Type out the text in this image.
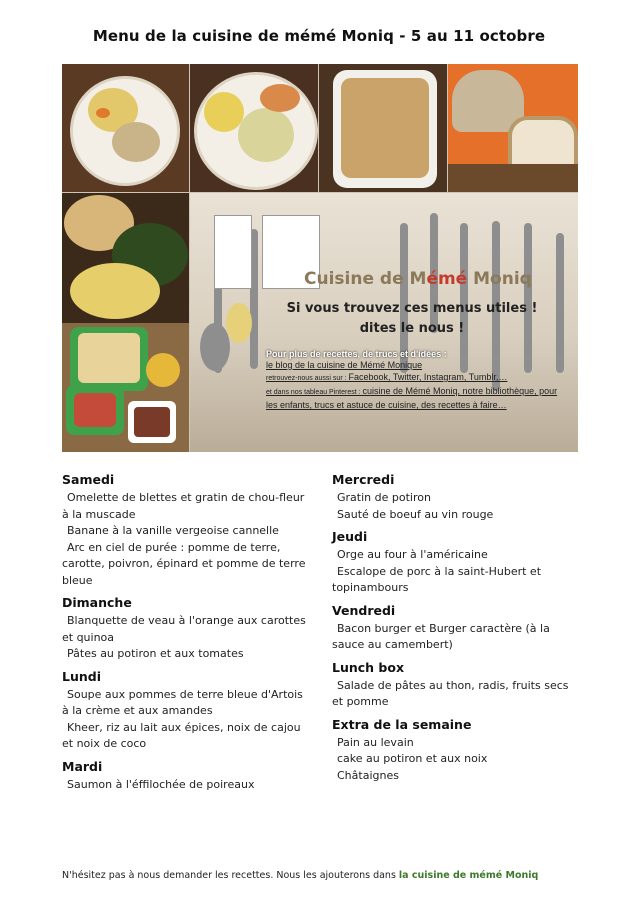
Menu de la cuisine de mémé Moniq - 5 au 11 octobre
Cuisine de Mémé Moniq
Si vous trouvez ces menus utiles !
dites le nous !
Pour plus de recettes, de trucs et d'idées :
le blog de la cuisine de Mémé Monique
retrouvez-nous aussi sur : Facebook, Twitter, Instagram, Tumblr,…
et dans nos tableau Pinterest : cuisine de Mémé Moniq, notre bibliothèque, pour les enfants, trucs et astuce de cuisine, des recettes à faire…
Samedi
Omelette de blettes et gratin de chou-fleur à la muscade
Banane à la vanille vergeoise cannelle
Arc en ciel de purée : pomme de terre, carotte, poivron, épinard et pomme de terre bleue
Dimanche
Blanquette de veau à l'orange aux carottes et quinoa
Pâtes au potiron et aux tomates
Lundi
Soupe aux pommes de terre bleue d'Artois à la crème et aux amandes
Kheer, riz au lait aux épices, noix de cajou et noix de coco
Mardi
Saumon à l'éffilochée de poireaux
Mercredi
Gratin de potiron
Sauté de boeuf au vin rouge
Jeudi
Orge au four à l'américaine
Escalope de porc à la saint-Hubert et topinambours
Vendredi
Bacon burger et Burger caractère (à la sauce au camembert)
Lunch box
Salade de pâtes au thon, radis, fruits secs et pomme
Extra de la semaine
Pain au levain
cake au potiron et aux noix
Châtaignes
N'hésitez pas à nous demander les recettes. Nous les ajouterons dans la cuisine de mémé Moniq
